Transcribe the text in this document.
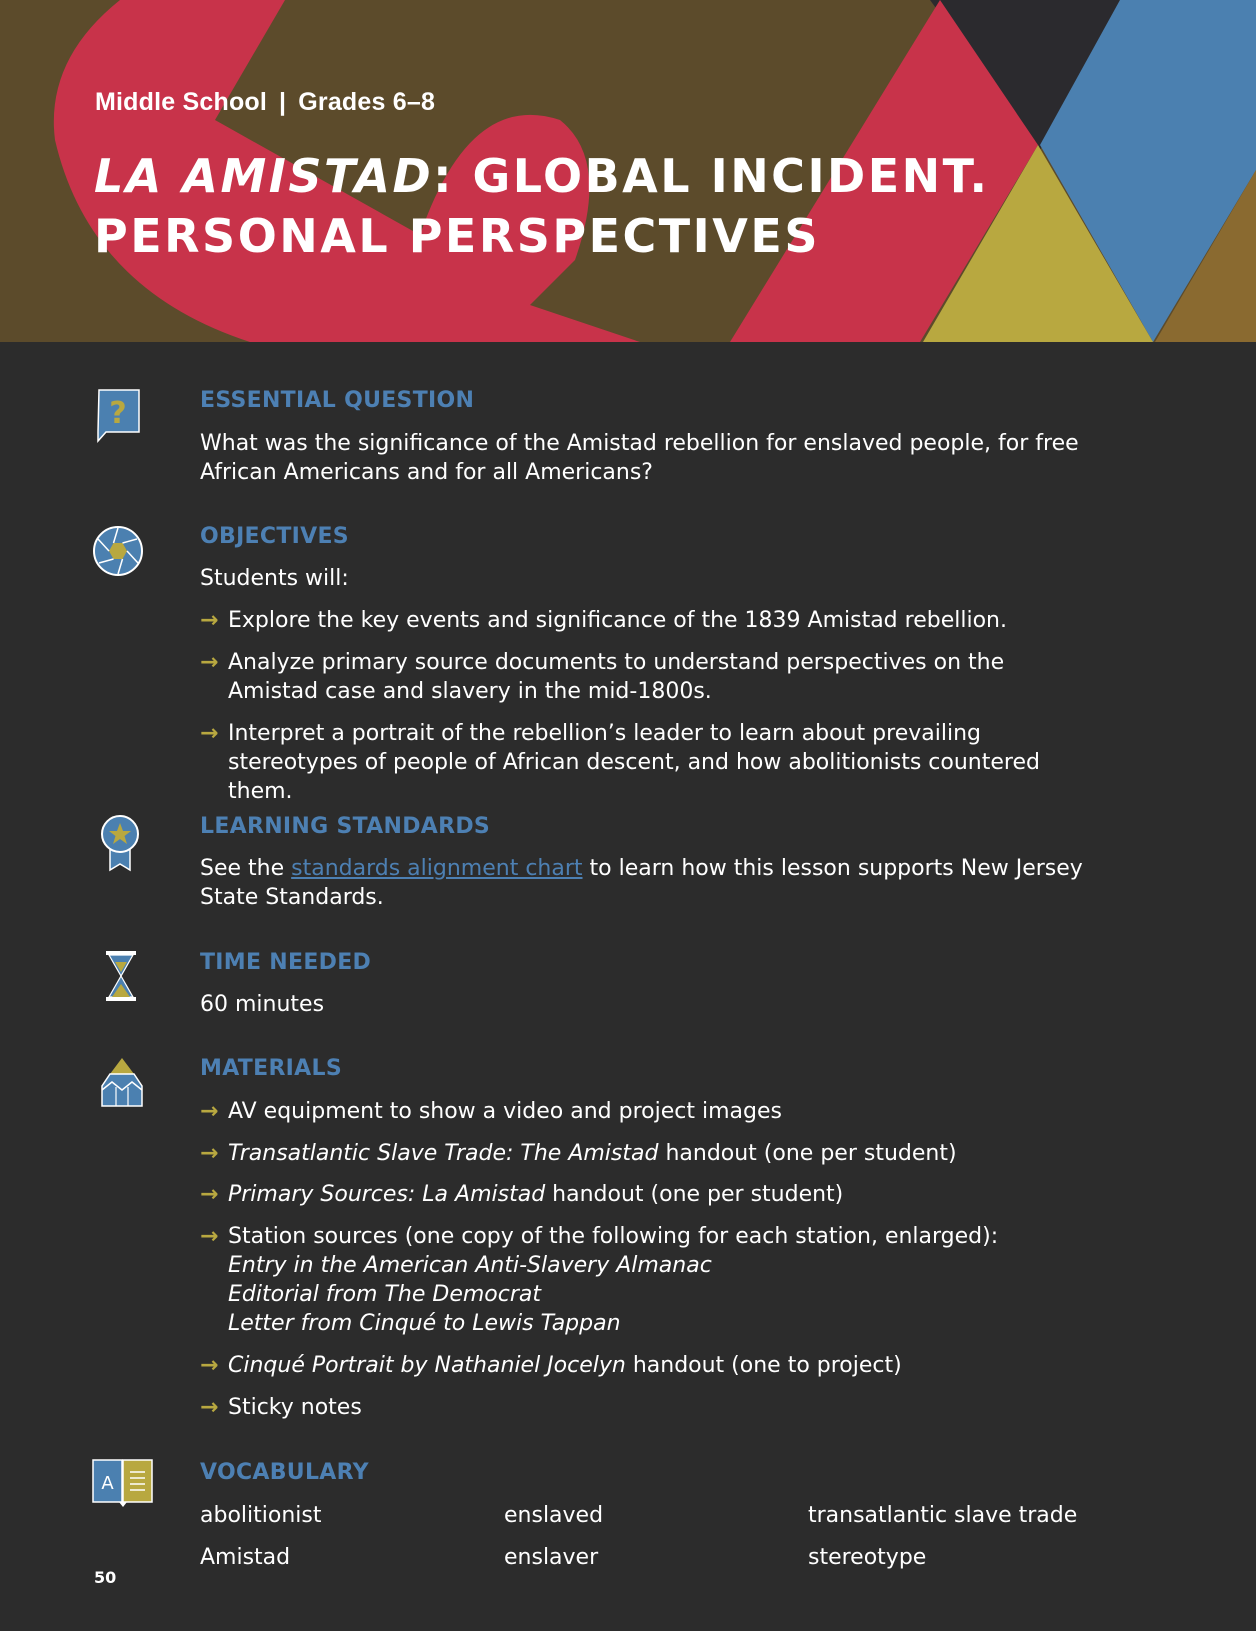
Middle School | Grades 6–8
LA AMISTAD: GLOBAL INCIDENT. PERSONAL PERSPECTIVES
?	ESSENTIAL QUESTION
What was the significance of the Amistad rebellion for enslaved people, for free African Americans and for all Americans?
OBJECTIVES
Students will:
→ Explore the key events and significance of the 1839 Amistad rebellion.
→ Analyze primary source documents to understand perspectives on the Amistad case and slavery in the mid-1800s.
→ Interpret a portrait of the rebellion’s leader to learn about prevailing stereotypes of people of African descent, and how abolitionists countered them.
LEARNING STANDARDS
See the standards alignment chart to learn how this lesson supports New Jersey State Standards.
TIME NEEDED
60 minutes
MATERIALS
→ AV equipment to show a video and project images
→ Transatlantic Slave Trade: The Amistad handout (one per student)
→ Primary Sources: La Amistad handout (one per student)
→ Station sources (one copy of the following for each station, enlarged):
Entry in the American Anti-Slavery Almanac
Editorial from The Democrat
Letter from Cinqué to Lewis Tappan
→ Cinqué Portrait by Nathaniel Jocelyn handout (one to project)
→ Sticky notes
A	VOCABULARY
abolitionist	enslaved	transatlantic slave trade
Amistad	enslaver	stereotype
50
